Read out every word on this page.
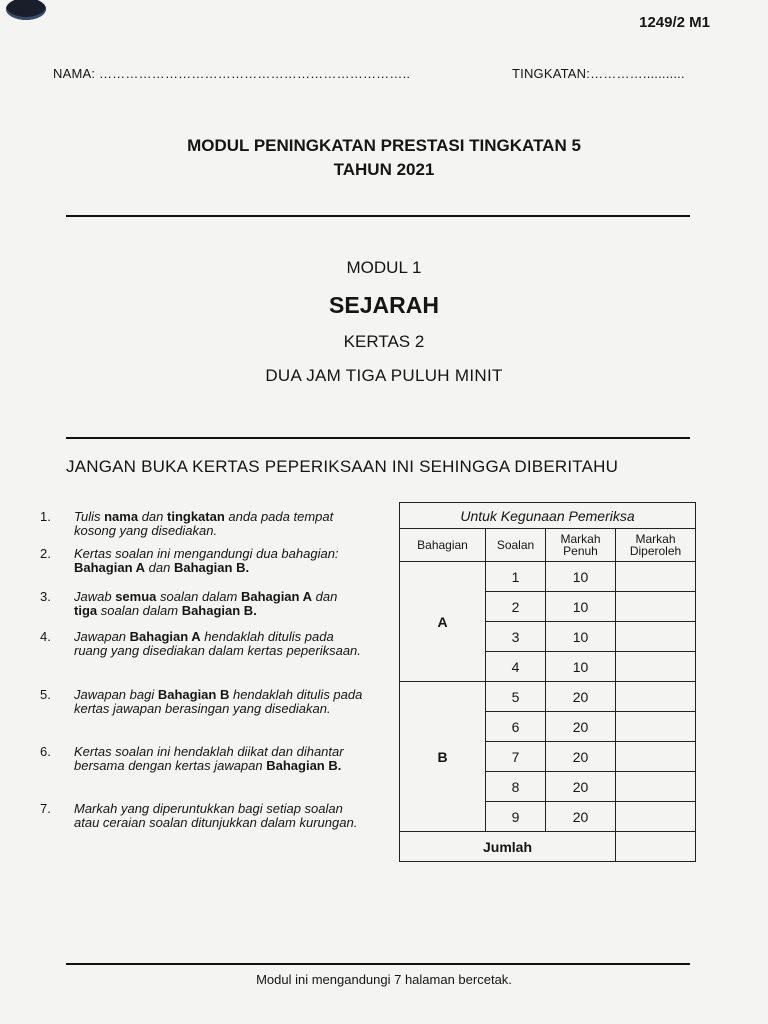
1249/2 M1
NAMA: ……………………………………………………………..	TINGKATAN:…………...........
MODUL PENINGKATAN PRESTASI TINGKATAN 5
TAHUN 2021
MODUL 1
SEJARAH
KERTAS 2
DUA JAM TIGA PULUH MINIT
JANGAN BUKA KERTAS PEPERIKSAAN INI SEHINGGA DIBERITAHU
1. Tulis nama dan tingkatan anda pada tempat kosong yang disediakan.
2. Kertas soalan ini mengandungi dua bahagian: Bahagian A dan Bahagian B.
3. Jawab semua soalan dalam Bahagian A dan tiga soalan dalam Bahagian B.
4. Jawapan Bahagian A hendaklah ditulis pada ruang yang disediakan dalam kertas peperiksaan.
5. Jawapan bagi Bahagian B hendaklah ditulis pada kertas jawapan berasingan yang disediakan.
6. Kertas soalan ini hendaklah diikat dan dihantar bersama dengan kertas jawapan Bahagian B.
7. Markah yang diperuntukkan bagi setiap soalan atau ceraian soalan ditunjukkan dalam kurungan.
Untuk Kegunaan Pemeriksa			
Bahagian	Soalan	Markah Penuh	Markah Diperoleh
A	1	10	
	2	10	
	3	10	
	4	10	
B	5	20	
	6	20	
	7	20	
	8	20	
	9	20	
Jumlah			
Modul ini mengandungi 7 halaman bercetak.
